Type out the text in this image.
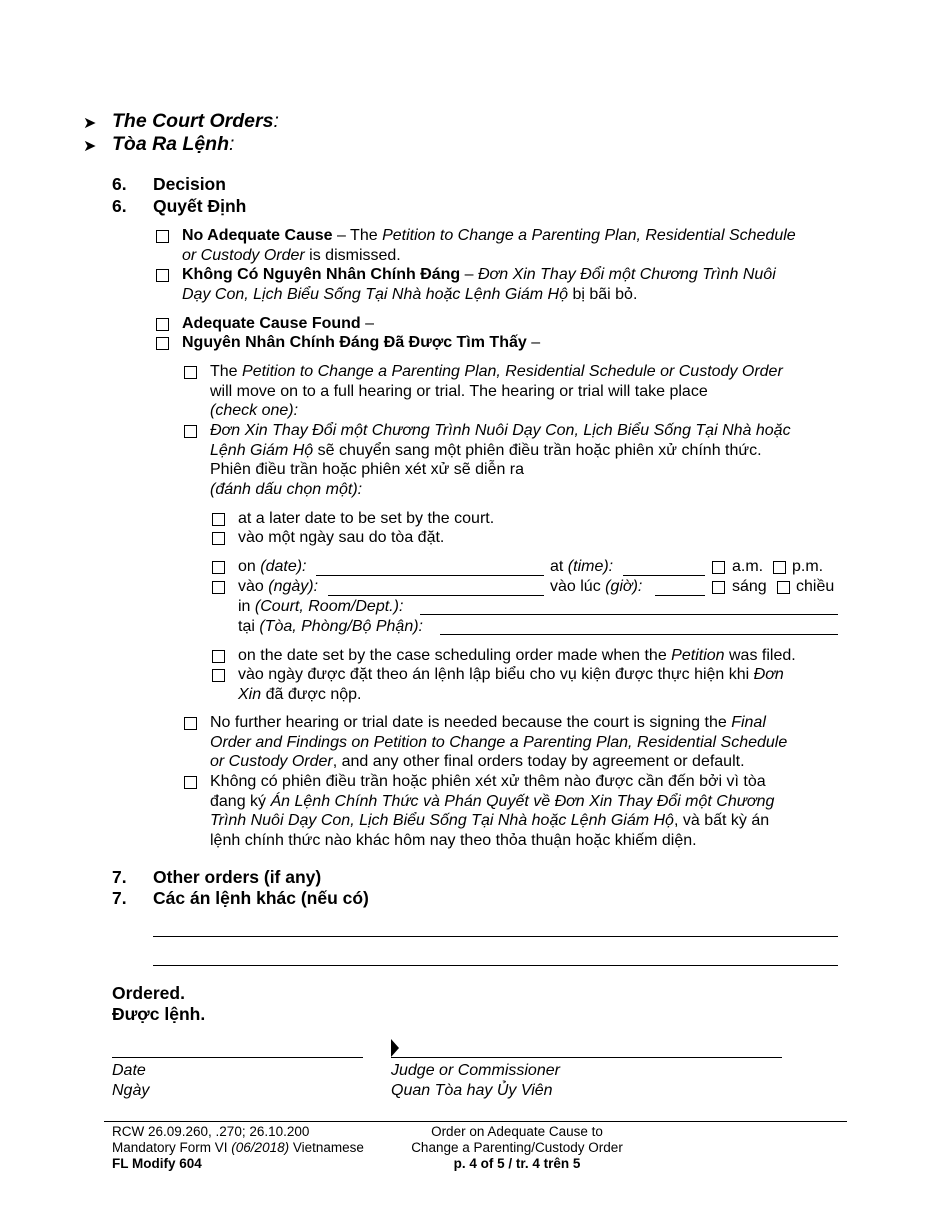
➤ The Court Orders:
➤ Tòa Ra Lệnh:
6. Decision
6. Quyết Định
No Adequate Cause – The Petition to Change a Parenting Plan, Residential Schedule
or Custody Order is dismissed.
Không Có Nguyên Nhân Chính Đáng – Đơn Xin Thay Đổi một Chương Trình Nuôi
Dạy Con, Lịch Biểu Sống Tại Nhà hoặc Lệnh Giám Hộ bị bãi bỏ.
Adequate Cause Found –
Nguyên Nhân Chính Đáng Đã Được Tìm Thấy –
The Petition to Change a Parenting Plan, Residential Schedule or Custody Order
will move on to a full hearing or trial. The hearing or trial will take place
(check one):
Đơn Xin Thay Đổi một Chương Trình Nuôi Dạy Con, Lịch Biểu Sống Tại Nhà hoặc
Lệnh Giám Hộ sẽ chuyển sang một phiên điều trần hoặc phiên xử chính thức.
Phiên điều trần hoặc phiên xét xử sẽ diễn ra
(đánh dấu chọn một):
at a later date to be set by the court.
vào một ngày sau do tòa đặt.
on (date):	at (time):	a.m. p.m.
vào (ngày):	vào lúc (giờ):	sáng chiều
in (Court, Room/Dept.):
tại (Tòa, Phòng/Bộ Phận):
on the date set by the case scheduling order made when the Petition was filed.
vào ngày được đặt theo án lệnh lập biểu cho vụ kiện được thực hiện khi Đơn
Xin đã được nộp.
No further hearing or trial date is needed because the court is signing the Final
Order and Findings on Petition to Change a Parenting Plan, Residential Schedule
or Custody Order, and any other final orders today by agreement or default.
Không có phiên điều trần hoặc phiên xét xử thêm nào được cần đến bởi vì tòa
đang ký Án Lệnh Chính Thức và Phán Quyết về Đơn Xin Thay Đổi một Chương
Trình Nuôi Dạy Con, Lịch Biểu Sống Tại Nhà hoặc Lệnh Giám Hộ, và bất kỳ án
lệnh chính thức nào khác hôm nay theo thỏa thuận hoặc khiếm diện.
7. Other orders (if any)
7. Các án lệnh khác (nếu có)
Ordered.
Được lệnh.
Date
Ngày
Judge or Commissioner
Quan Tòa hay Ủy Viên
RCW 26.09.260, .270; 26.10.200
Mandatory Form VI (06/2018) Vietnamese
FL Modify 604
Order on Adequate Cause to
Change a Parenting/Custody Order
p. 4 of 5 / tr. 4 trên 5
